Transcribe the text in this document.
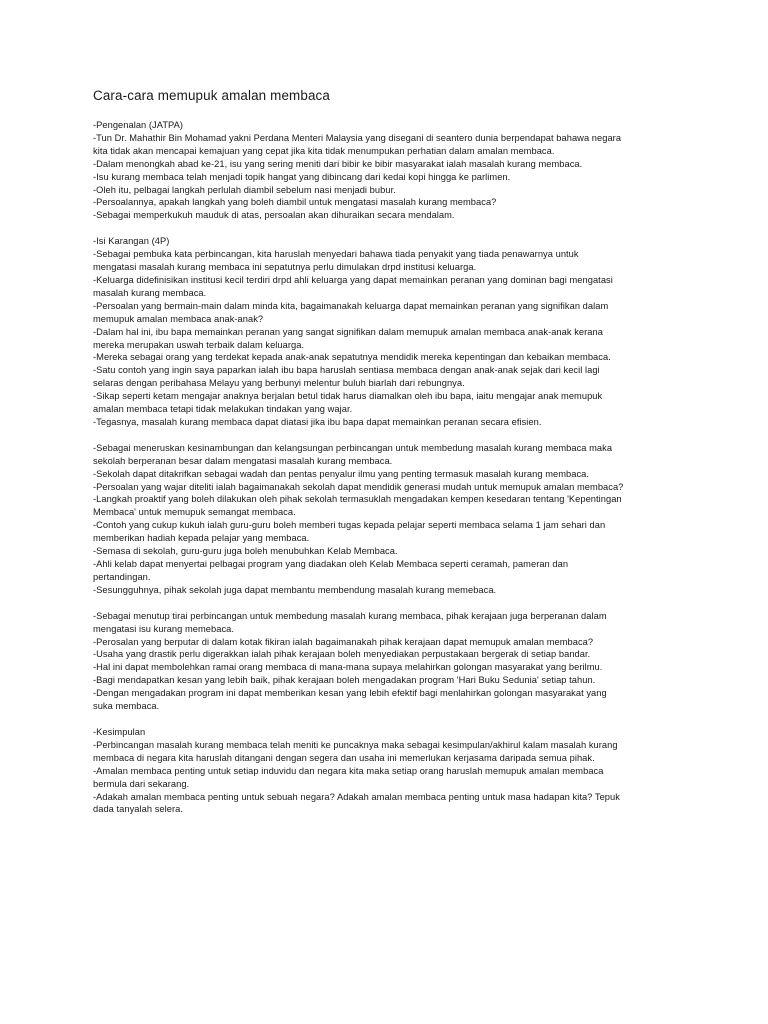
Cara-cara memupuk amalan membaca
-Pengenalan (JATPA)
-Tun Dr. Mahathir Bin Mohamad yakni Perdana Menteri Malaysia yang disegani di seantero dunia berpendapat bahawa negara
kita tidak akan mencapai kemajuan yang cepat jika kita tidak menumpukan perhatian dalam amalan membaca.
-Dalam menongkah abad ke-21, isu yang sering meniti dari bibir ke bibir masyarakat ialah masalah kurang membaca.
-Isu kurang membaca telah menjadi topik hangat yang dibincang dari kedai kopi hingga ke parlimen.
-Oleh itu, pelbagai langkah perlulah diambil sebelum nasi menjadi bubur.
-Persoalannya, apakah langkah yang boleh diambil untuk mengatasi masalah kurang membaca?
-Sebagai memperkukuh mauduk di atas, persoalan akan dihuraikan secara mendalam.
-Isi Karangan (4P)
-Sebagai pembuka kata perbincangan, kita haruslah menyedari bahawa tiada penyakit yang tiada penawarnya untuk
mengatasi masalah kurang membaca ini sepatutnya perlu dimulakan drpd institusi keluarga.
-Keluarga didefinisikan institusi kecil terdiri drpd ahli keluarga yang dapat memainkan peranan yang dominan bagi mengatasi
masalah kurang membaca.
-Persoalan yang bermain-main dalam minda kita, bagaimanakah keluarga dapat memainkan peranan yang signifikan dalam
memupuk amalan membaca anak-anak?
-Dalam hal ini, ibu bapa memainkan peranan yang sangat signifikan dalam memupuk amalan membaca anak-anak kerana
mereka merupakan uswah terbaik dalam keluarga.
-Mereka sebagai orang yang terdekat kepada anak-anak sepatutnya mendidik mereka kepentingan dan kebaikan membaca.
-Satu contoh yang ingin saya paparkan ialah ibu bapa haruslah sentiasa membaca dengan anak-anak sejak dari kecil lagi
selaras dengan peribahasa Melayu yang berbunyi melentur buluh biarlah dari rebungnya.
-Sikap seperti ketam mengajar anaknya berjalan betul tidak harus diamalkan oleh ibu bapa, iaitu mengajar anak memupuk
amalan membaca tetapi tidak melakukan tindakan yang wajar.
-Tegasnya, masalah kurang membaca dapat diatasi jika ibu bapa dapat memainkan peranan secara efisien.
-Sebagai meneruskan kesinambungan dan kelangsungan perbincangan untuk membedung masalah kurang membaca maka
sekolah berperanan besar dalam mengatasi masalah kurang membaca.
-Sekolah dapat ditakrifkan sebagai wadah dan pentas penyalur ilmu yang penting termasuk masalah kurang membaca.
-Persoalan yang wajar diteliti ialah bagaimanakah sekolah dapat mendidik generasi mudah untuk memupuk amalan membaca?
-Langkah proaktif yang boleh dilakukan oleh pihak sekolah termasuklah mengadakan kempen kesedaran tentang 'Kepentingan
Membaca' untuk memupuk semangat membaca.
-Contoh yang cukup kukuh ialah guru-guru boleh memberi tugas kepada pelajar seperti membaca selama 1 jam sehari dan
memberikan hadiah kepada pelajar yang membaca.
-Semasa di sekolah, guru-guru juga boleh menubuhkan Kelab Membaca.
-Ahli kelab dapat menyertai pelbagai program yang diadakan oleh Kelab Membaca seperti ceramah, pameran dan
pertandingan.
-Sesungguhnya, pihak sekolah juga dapat membantu membendung masalah kurang memebaca.
-Sebagai menutup tirai perbincangan untuk membedung masalah kurang membaca, pihak kerajaan juga berperanan dalam
mengatasi isu kurang memebaca.
-Perosalan yang berputar di dalam kotak fikiran ialah bagaimanakah pihak kerajaan dapat memupuk amalan membaca?
-Usaha yang drastik perlu digerakkan ialah pihak kerajaan boleh menyediakan perpustakaan bergerak di setiap bandar.
-Hal ini dapat membolehkan ramai orang membaca di mana-mana supaya melahirkan golongan masyarakat yang berilmu.
-Bagi mendapatkan kesan yang lebih baik, pihak kerajaan boleh mengadakan program 'Hari Buku Sedunia' setiap tahun.
-Dengan mengadakan program ini dapat memberikan kesan yang lebih efektif bagi menlahirkan golongan masyarakat yang
suka membaca.
-Kesimpulan
-Perbincangan masalah kurang membaca telah meniti ke puncaknya maka sebagai kesimpulan/akhirul kalam masalah kurang
membaca di negara kita haruslah ditangani dengan segera dan usaha ini memerlukan kerjasama daripada semua pihak.
-Amalan membaca penting untuk setiap induvidu dan negara kita maka setiap orang haruslah memupuk amalan membaca
bermula dari sekarang.
-Adakah amalan membaca penting untuk sebuah negara? Adakah amalan membaca penting untuk masa hadapan kita? Tepuk
dada tanyalah selera.
